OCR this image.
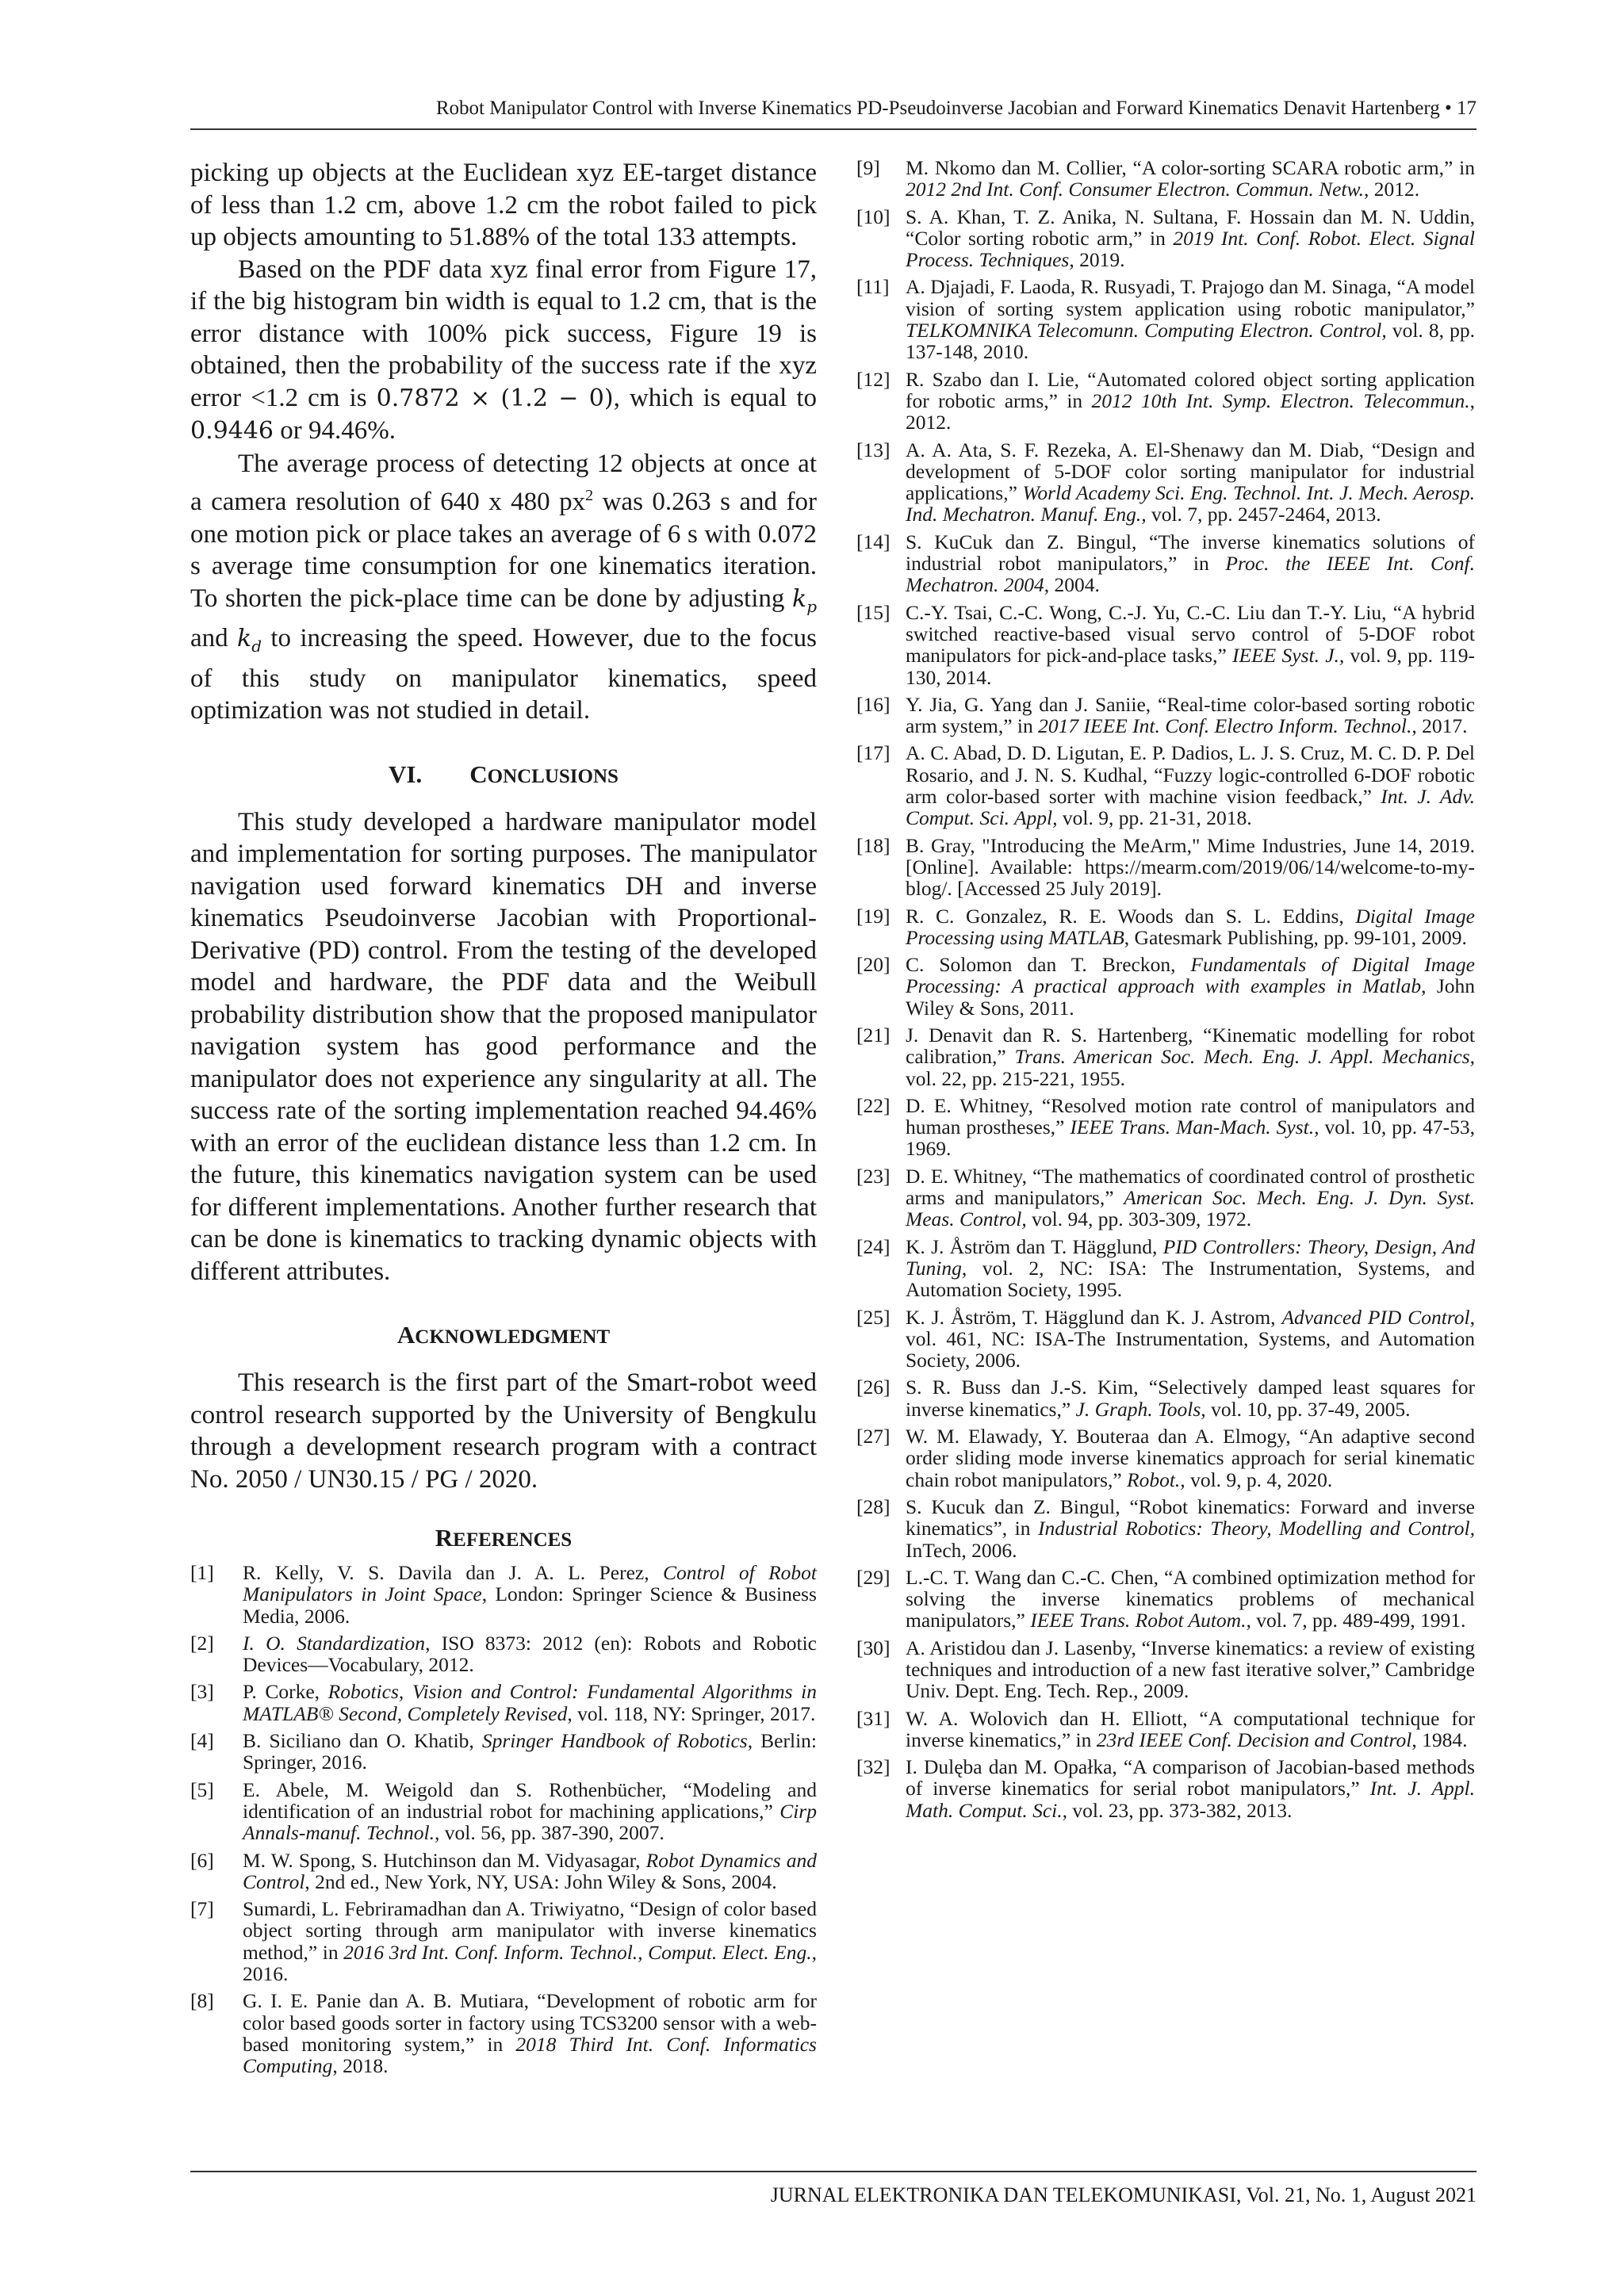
Robot Manipulator Control with Inverse Kinematics PD-Pseudoinverse Jacobian and Forward Kinematics Denavit Hartenberg • 17

picking up objects at the Euclidean xyz EE-target distance of less than 1.2 cm, above 1.2 cm the robot failed to pick up objects amounting to 51.88% of the total 133 attempts.

Based on the PDF data xyz final error from Figure 17, if the big histogram bin width is equal to 1.2 cm, that is the error distance with 100% pick success, Figure 19 is obtained, then the probability of the success rate if the xyz error <1.2 cm is 0.7872 × (1.2 − 0), which is equal to 0.9446 or 94.46%.

The average process of detecting 12 objects at once at a camera resolution of 640 x 480 $px^2$ was 0.263 s and for one motion pick or place takes an average of 6 s with 0.072 s average time consumption for one kinematics iteration. To shorten the pick-place time can be done by adjusting $k_p$ and $k_d$ to increasing the speed. However, due to the focus of this study on manipulator kinematics, speed optimization was not studied in detail.

VI. CONCLUSIONS

This study developed a hardware manipulator model and implementation for sorting purposes. The manipulator navigation used forward kinematics DH and inverse kinematics Pseudoinverse Jacobian with Proportional-Derivative (PD) control. From the testing of the developed model and hardware, the PDF data and the Weibull probability distribution show that the proposed manipulator navigation system has good performance and the manipulator does not experience any singularity at all. The success rate of the sorting implementation reached 94.46% with an error of the euclidean distance less than 1.2 cm. In the future, this kinematics navigation system can be used for different implementations. Another further research that can be done is kinematics to tracking dynamic objects with different attributes.

ACKNOWLEDGMENT

This research is the first part of the Smart-robot weed control research supported by the University of Bengkulu through a development research program with a contract No. 2050 / UN30.15 / PG / 2020.

REFERENCES
[1]	R. Kelly, V. S. Davila dan J. A. L. Perez, Control of Robot Manipulators in Joint Space, London: Springer Science & Business Media, 2006.
[2]	I. O. Standardization, ISO 8373: 2012 (en): Robots and Robotic Devices—Vocabulary, 2012.
[3]	P. Corke, Robotics, Vision and Control: Fundamental Algorithms in MATLAB® Second, Completely Revised, vol. 118, NY: Springer, 2017.
[4]	B. Siciliano dan O. Khatib, Springer Handbook of Robotics, Berlin: Springer, 2016.
[5]	E. Abele, M. Weigold dan S. Rothenbücher, “Modeling and identification of an industrial robot for machining applications,” Cirp Annals-manuf. Technol., vol. 56, pp. 387-390, 2007.
[6]	M. W. Spong, S. Hutchinson dan M. Vidyasagar, Robot Dynamics and Control, 2nd ed., New York, NY, USA: John Wiley & Sons, 2004.
[7]	Sumardi, L. Febriramadhan dan A. Triwiyatno, “Design of color based object sorting through arm manipulator with inverse kinematics method,” in 2016 3rd Int. Conf. Inform. Technol., Comput. Elect. Eng., 2016.
[8]	G. I. E. Panie dan A. B. Mutiara, “Development of robotic arm for color based goods sorter in factory using TCS3200 sensor with a web-based monitoring system,” in 2018 Third Int. Conf. Informatics Computing, 2018.
[9]	M. Nkomo dan M. Collier, “A color-sorting SCARA robotic arm,” in 2012 2nd Int. Conf. Consumer Electron. Commun. Netw., 2012.
[10] S. A. Khan, T. Z. Anika, N. Sultana, F. Hossain dan M. N. Uddin, “Color sorting robotic arm,” in 2019 Int. Conf. Robot. Elect. Signal Process. Techniques, 2019.
[11] A. Djajadi, F. Laoda, R. Rusyadi, T. Prajogo dan M. Sinaga, “A model vision of sorting system application using robotic manipulator,” TELKOMNIKA Telecomunn. Computing Electron. Control, vol. 8, pp. 137-148, 2010.
[12] R. Szabo dan I. Lie, “Automated colored object sorting application for robotic arms,” in 2012 10th Int. Symp. Electron. Telecommun., 2012.
[13] A. A. Ata, S. F. Rezeka, A. El-Shenawy dan M. Diab, “Design and development of 5-DOF color sorting manipulator for industrial applications,” World Academy Sci. Eng. Technol. Int. J. Mech. Aerosp. Ind. Mechatron. Manuf. Eng., vol. 7, pp. 2457-2464, 2013.
[14] S. KuCuk dan Z. Bingul, “The inverse kinematics solutions of industrial robot manipulators,” in Proc. the IEEE Int. Conf. Mechatron. 2004, 2004.
[15] C.-Y. Tsai, C.-C. Wong, C.-J. Yu, C.-C. Liu dan T.-Y. Liu, “A hybrid switched reactive-based visual servo control of 5-DOF robot manipulators for pick-and-place tasks,” IEEE Syst. J., vol. 9, pp. 119-130, 2014.
[16] Y. Jia, G. Yang dan J. Saniie, “Real-time color-based sorting robotic arm system,” in 2017 IEEE Int. Conf. Electro Inform. Technol., 2017.
[17] A. C. Abad, D. D. Ligutan, E. P. Dadios, L. J. S. Cruz, M. C. D. P. Del Rosario, and J. N. S. Kudhal, “Fuzzy logic-controlled 6-DOF robotic arm color-based sorter with machine vision feedback,” Int. J. Adv. Comput. Sci. Appl, vol. 9, pp. 21-31, 2018.
[18] B. Gray, "Introducing the MeArm," Mime Industries, June 14, 2019. [Online]. Available: https://mearm.com/2019/06/14/welcome-to-my-blog/. [Accessed 25 July 2019].
[19] R. C. Gonzalez, R. E. Woods dan S. L. Eddins, Digital Image Processing using MATLAB, Gatesmark Publishing, pp. 99-101, 2009.
[20] C. Solomon dan T. Breckon, Fundamentals of Digital Image Processing: A practical approach with examples in Matlab, John Wiley & Sons, 2011.
[21] J. Denavit dan R. S. Hartenberg, “Kinematic modelling for robot calibration,” Trans. American Soc. Mech. Eng. J. Appl. Mechanics, vol. 22, pp. 215-221, 1955.
[22] D. E. Whitney, “Resolved motion rate control of manipulators and human prostheses,” IEEE Trans. Man-Mach. Syst., vol. 10, pp. 47-53, 1969.
[23] D. E. Whitney, “The mathematics of coordinated control of prosthetic arms and manipulators,” American Soc. Mech. Eng. J. Dyn. Syst. Meas. Control, vol. 94, pp. 303-309, 1972.
[24] K. J. Åström dan T. Hägglund, PID Controllers: Theory, Design, And Tuning, vol. 2, NC: ISA: The Instrumentation, Systems, and Automation Society, 1995.
[25] K. J. Åström, T. Hägglund dan K. J. Astrom, Advanced PID Control, vol. 461, NC: ISA-The Instrumentation, Systems, and Automation Society, 2006.
[26] S. R. Buss dan J.-S. Kim, “Selectively damped least squares for inverse kinematics,” J. Graph. Tools, vol. 10, pp. 37-49, 2005.
[27] W. M. Elawady, Y. Bouteraa dan A. Elmogy, “An adaptive second order sliding mode inverse kinematics approach for serial kinematic chain robot manipulators,” Robot., vol. 9, p. 4, 2020.
[28] S. Kucuk dan Z. Bingul, “Robot kinematics: Forward and inverse kinematics”, in Industrial Robotics: Theory, Modelling and Control, InTech, 2006.
[29] L.-C. T. Wang dan C.-C. Chen, “A combined optimization method for solving the inverse kinematics problems of mechanical manipulators,” IEEE Trans. Robot Autom., vol. 7, pp. 489-499, 1991.
[30] A. Aristidou dan J. Lasenby, “Inverse kinematics: a review of existing techniques and introduction of a new fast iterative solver,” Cambridge Univ. Dept. Eng. Tech. Rep., 2009.
[31] W. A. Wolovich dan H. Elliott, “A computational technique for inverse kinematics,” in 23rd IEEE Conf. Decision and Control, 1984.
[32] I. Dulęba dan M. Opałka, “A comparison of Jacobian-based methods of inverse kinematics for serial robot manipulators,” Int. J. Appl. Math. Comput. Sci., vol. 23, pp. 373-382, 2013.
JURNAL ELEKTRONIKA DAN TELEKOMUNIKASI, Vol. 21, No. 1, August 2021
